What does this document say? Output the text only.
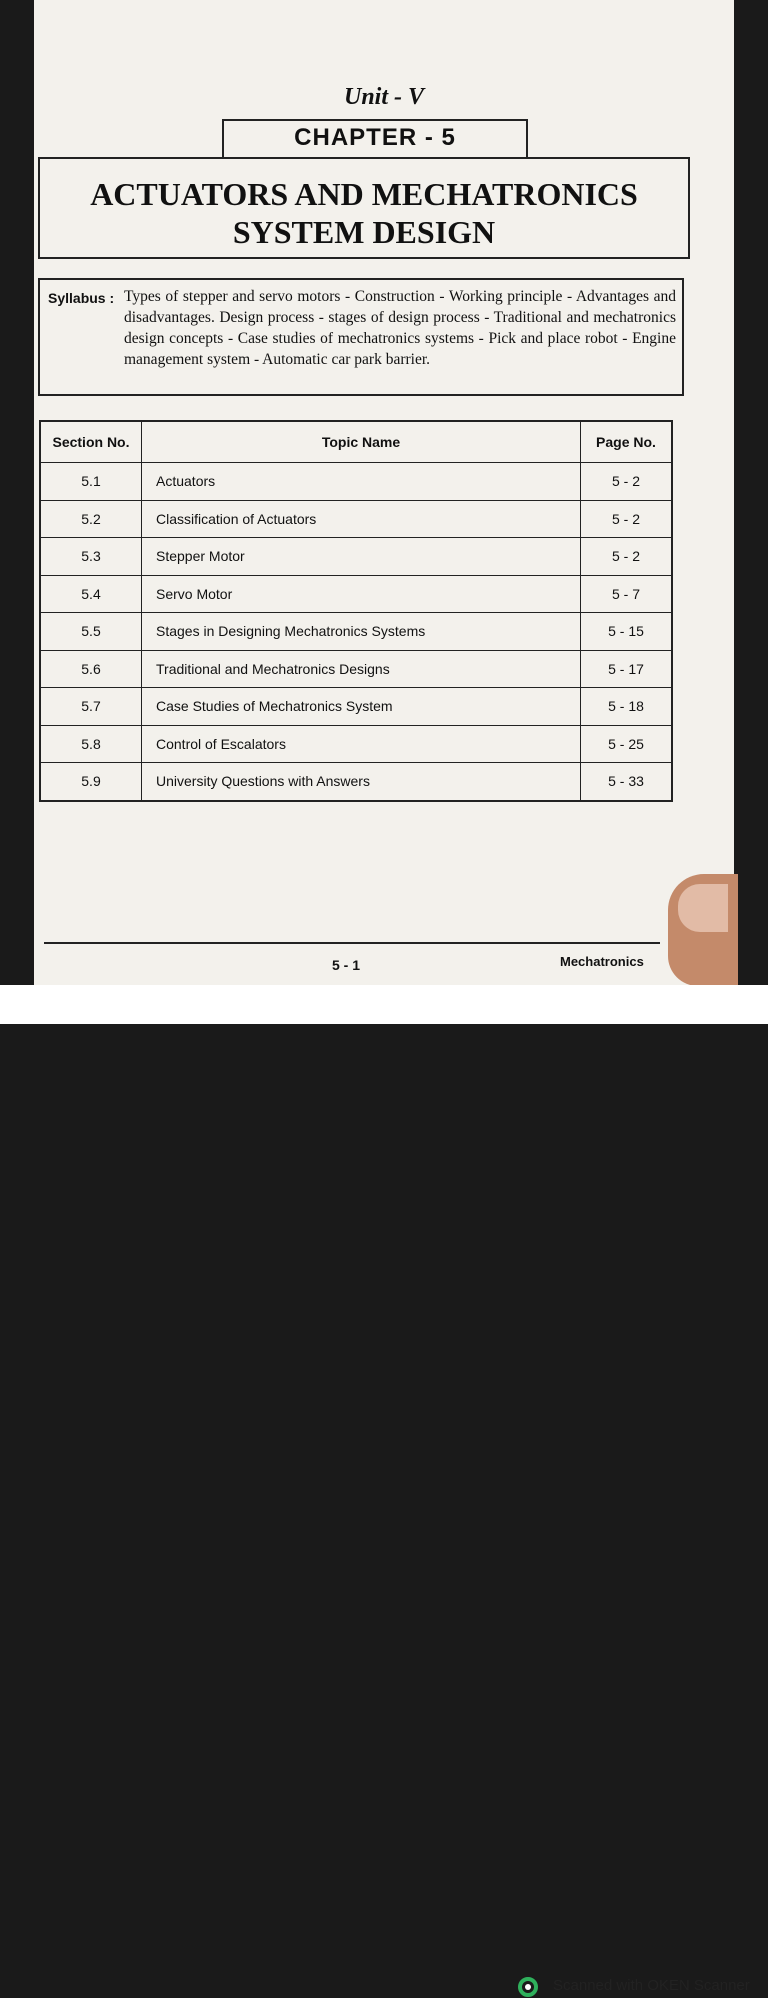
⠀
Unit - V
CHAPTER - 5
ACTUATORS AND MECHATRONICS
SYSTEM DESIGN
Syllabus : Types of stepper and servo motors - Construction - Working principle - Advantages and disadvantages. Design process - stages of design process - Traditional and mechatronics design concepts - Case studies of mechatronics systems - Pick and place robot - Engine management system - Automatic car park barrier.
Section No.	Topic Name	Page No.
5.1	Actuators	5 - 2
5.2	Classification of Actuators	5 - 2
5.3	Stepper Motor	5 - 2
5.4	Servo Motor	5 - 7
5.5	Stages in Designing Mechatronics Systems	5 - 15
5.6	Traditional and Mechatronics Designs	5 - 17
5.7	Case Studies of Mechatronics System	5 - 18
5.8	Control of Escalators	5 - 25
5.9	University Questions with Answers	5 - 33
5 - 1	Mechatronics
Scanned with OKEN Scanner
